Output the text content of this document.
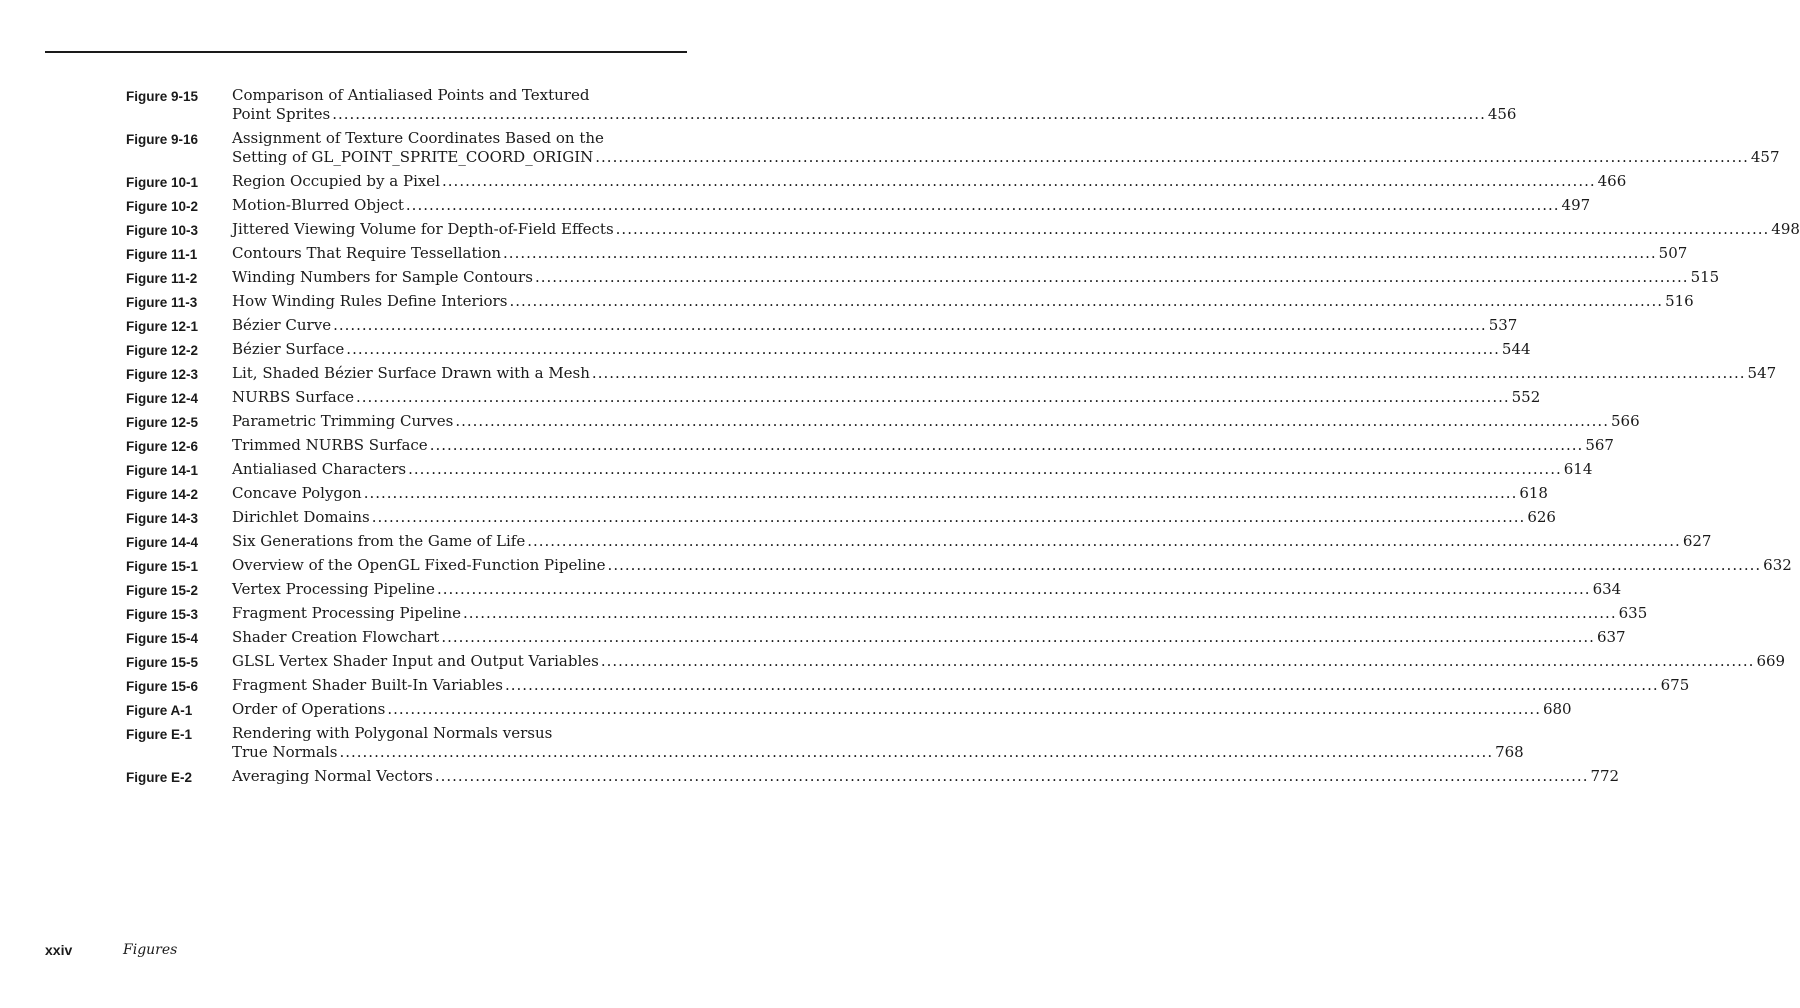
Figure 9-15 Comparison of Antialiased Points and Textured
Point Sprites ........................................................................................................................................................................................................ 456
Figure 9-16 Assignment of Texture Coordinates Based on the
Setting of GL_POINT_SPRITE_COORD_ORIGIN ........................................................................................................................................................................................................ 457
Figure 10-1 Region Occupied by a Pixel ........................................................................................................................................................................................................ 466
Figure 10-2 Motion-Blurred Object ........................................................................................................................................................................................................ 497
Figure 10-3 Jittered Viewing Volume for Depth-of-Field Effects ........................................................................................................................................................................................................ 498
Figure 11-1 Contours That Require Tessellation ........................................................................................................................................................................................................ 507
Figure 11-2 Winding Numbers for Sample Contours ........................................................................................................................................................................................................ 515
Figure 11-3 How Winding Rules Define Interiors ........................................................................................................................................................................................................ 516
Figure 12-1 Bézier Curve ........................................................................................................................................................................................................ 537
Figure 12-2 Bézier Surface ........................................................................................................................................................................................................ 544
Figure 12-3 Lit, Shaded Bézier Surface Drawn with a Mesh ........................................................................................................................................................................................................ 547
Figure 12-4 NURBS Surface ........................................................................................................................................................................................................ 552
Figure 12-5 Parametric Trimming Curves ........................................................................................................................................................................................................ 566
Figure 12-6 Trimmed NURBS Surface ........................................................................................................................................................................................................ 567
Figure 14-1 Antialiased Characters ........................................................................................................................................................................................................ 614
Figure 14-2 Concave Polygon ........................................................................................................................................................................................................ 618
Figure 14-3 Dirichlet Domains ........................................................................................................................................................................................................ 626
Figure 14-4 Six Generations from the Game of Life ........................................................................................................................................................................................................ 627
Figure 15-1 Overview of the OpenGL Fixed-Function Pipeline ........................................................................................................................................................................................................ 632
Figure 15-2 Vertex Processing Pipeline ........................................................................................................................................................................................................ 634
Figure 15-3 Fragment Processing Pipeline ........................................................................................................................................................................................................ 635
Figure 15-4 Shader Creation Flowchart ........................................................................................................................................................................................................ 637
Figure 15-5 GLSL Vertex Shader Input and Output Variables ........................................................................................................................................................................................................ 669
Figure 15-6 Fragment Shader Built-In Variables ........................................................................................................................................................................................................ 675
Figure A-1	Order of Operations ........................................................................................................................................................................................................ 680
Figure E-1	Rendering with Polygonal Normals versus
True Normals ........................................................................................................................................................................................................ 768
Figure E-2	Averaging Normal Vectors ........................................................................................................................................................................................................ 772
xxiv	Figures
